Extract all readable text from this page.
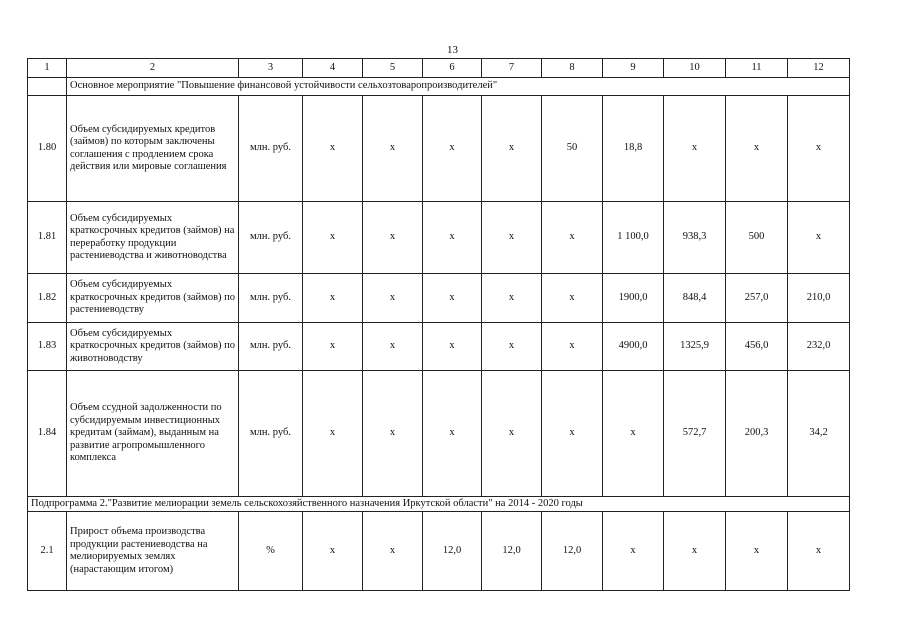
13
1	2	3	4	5	6	7	8	9	10	11	12
	Основное мероприятие "Повышение финансовой устойчивости сельхозтоваропроизводителей"										
1.80	Объем субсидируемых кредитов (займов) по которым заключены соглашения с продлением срока действия или мировые соглашения	млн. руб.	x	x	x	x	50	18,8	x	x	x
1.81	Объем субсидируемых краткосрочных кредитов (займов) на переработку продукции растениеводства и животноводства	млн. руб.	x	x	x	x	x	1 100,0	938,3	500	x
1.82	Объем субсидируемых краткосрочных кредитов (займов) по растениеводству	млн. руб.	x	x	x	x	x	1900,0	848,4	257,0	210,0
1.83	Объем субсидируемых краткосрочных кредитов (займов) по животноводству	млн. руб.	x	x	x	x	x	4900,0	1325,9	456,0	232,0
1.84	Объем ссудной задолженности по субсидируемым инвестиционных кредитам (займам), выданным на развитие агропромышленного комплекса	млн. руб.	x	x	x	x	x	x	572,7	200,3	34,2
Подпрограмма 2."Развитие мелиорации земель сельскохозяйственного назначения Иркутской области" на 2014 - 2020 годы											
2.1	Прирост объема производства продукции растениеводства на мелиорируемых землях (нарастающим итогом)	%	x	x	12,0	12,0	12,0	x	x	x	x
